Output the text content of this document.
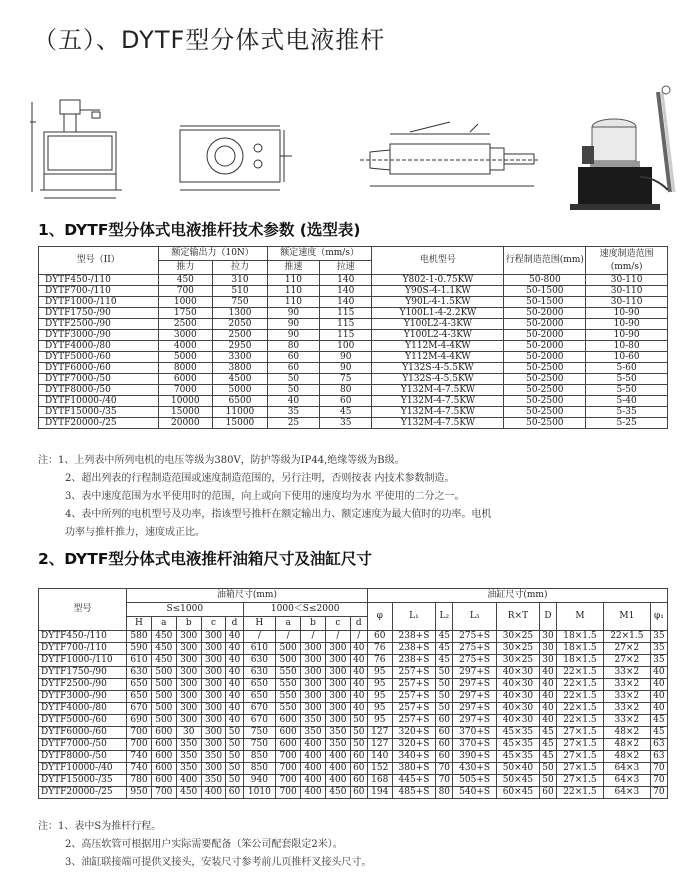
（五）、DYTF型分体式电液推杆
1、DYTF型分体式电液推杆技术参数 (选型表)
型号（II）	额定输出力（10N）		额定速度（mm/s）		电机型号	行程制造范围(mm)	速度制造范围(mm/s)
	推力	拉力	推速	拉速			
DYTF450-/110	450	310	110	140	Y802-1-0.75KW	50-800	30-110
DYTF700-/110	700	510	110	140	Y90S-4-1.1KW	50-1500	30-110
DYTF1000-/110	1000	750	110	140	Y90L-4-1.5KW	50-1500	30-110
DYTF1750-/90	1750	1300	90	115	Y100L1-4-2.2KW	50-2000	10-90
DYTF2500-/90	2500	2050	90	115	Y100L2-4-3KW	50-2000	10-90
DYTF3000-/90	3000	2500	90	115	Y100L2-4-3KW	50-2000	10-90
DYTF4000-/80	4000	2950	80	100	Y112M-4-4KW	50-2000	10-80
DYTF5000-/60	5000	3300	60	90	Y112M-4-4KW	50-2000	10-60
DYTF6000-/60	8000	3800	60	90	Y132S-4-5.5KW	50-2500	5-60
DYTF7000-/50	6000	4500	50	75	Y132S-4-5.5KW	50-2500	5-50
DYTF8000-/50	7000	5000	50	80	Y132M-4-7.5KW	50-2500	5-50
DYTF10000-/40	10000	6500	40	60	Y132M-4-7.5KW	50-2500	5-40
DYTF15000-/35	15000	11000	35	45	Y132M-4-7.5KW	50-2500	5-35
DYTF20000-/25	20000	15000	25	35	Y132M-4-7.5KW	50-2500	5-25
注：1、上列表中所列电机的电压等级为380V，防护等级为IP44,绝缘等级为B级。
2、超出列表的行程制造范围或速度制造范围的，另行注明，否则按表 内技术参数制造。
3、表中速度范围为水平使用时的范围，向上或向下使用的速度均为水 平使用的二分之一。
4、表中所列的电机型号及功率，指该型号推杆在额定输出力、额定速度为最大值时的功率。电机
功率与推杆推力，速度成正比。
2、DYTF型分体式电液推杆油箱尺寸及油缸尺寸
型号	油箱尺寸(mm)										油缸尺寸(mm)								
	S≤1000					1000＜S≤2000					φ	L₁	L₂	L₃	R×T	D	M	M1	φ₁
	H	a	b	c	d	H	a	b	c	d									
DYTF450-/110	580	450	300	300	40	/	/	/	/	/	60	238+S	45	275+S	30×25	30	18×1.5	22×1.5	35
DYTF700-/110	590	450	300	300	40	610	500	300	300	40	76	238+S	45	275+S	30×25	30	18×1.5	27×2	35
DYTF1000-/110	610	450	300	300	40	630	500	300	300	40	76	238+S	45	275+S	30×25	30	18×1.5	27×2	35
DYTF1750-/90	630	500	300	300	40	630	550	300	300	40	95	257+S	50	297+S	40×30	40	22×1.5	33×2	40
DYTF2500-/90	650	500	300	300	40	650	550	300	300	40	95	257+S	50	297+S	40×30	40	22×1.5	33×2	40
DYTF3000-/90	650	500	300	300	40	650	550	300	300	40	95	257+S	50	297+S	40×30	40	22×1.5	33×2	40
DYTF4000-/80	670	500	300	300	40	670	550	300	300	40	95	257+S	50	297+S	40×30	40	22×1.5	33×2	40
DYTF5000-/60	690	500	300	300	40	670	600	350	300	50	95	257+S	60	297+S	40×30	40	22×1.5	33×2	45
DYTF6000-/60	700	600	30	300	50	750	600	350	350	50	127	320+S	60	370+S	45×35	45	27×1.5	48×2	45
DYTF7000-/50	700	600	350	300	50	750	600	400	350	50	127	320+S	60	370+S	45×35	45	27×1.5	48×2	63
DYTF8000-/50	740	600	350	350	50	850	700	400	400	60	140	340+S	60	390+S	45×35	45	27×1.5	48×2	63
DYTF10000-/40	740	600	350	300	50	850	700	400	400	60	152	380+S	70	430+S	50×40	50	27×1.5	64×3	70
DYTF15000-/35	780	600	400	350	50	940	700	400	400	60	168	445+S	70	505+S	50×45	50	27×1.5	64×3	70
DYTF20000-/25	950	700	450	400	60	1010	700	400	450	60	194	485+S	80	540+S	60×45	60	22×1.5	64×3	70
注：1、表中S为推杆行程。
2、高压软管可根据用户实际需要配备（笨公司配套限定2米）。
3、油缸联接端可提供叉接头，安装尺寸参考前儿页推杆叉接头尺寸。
